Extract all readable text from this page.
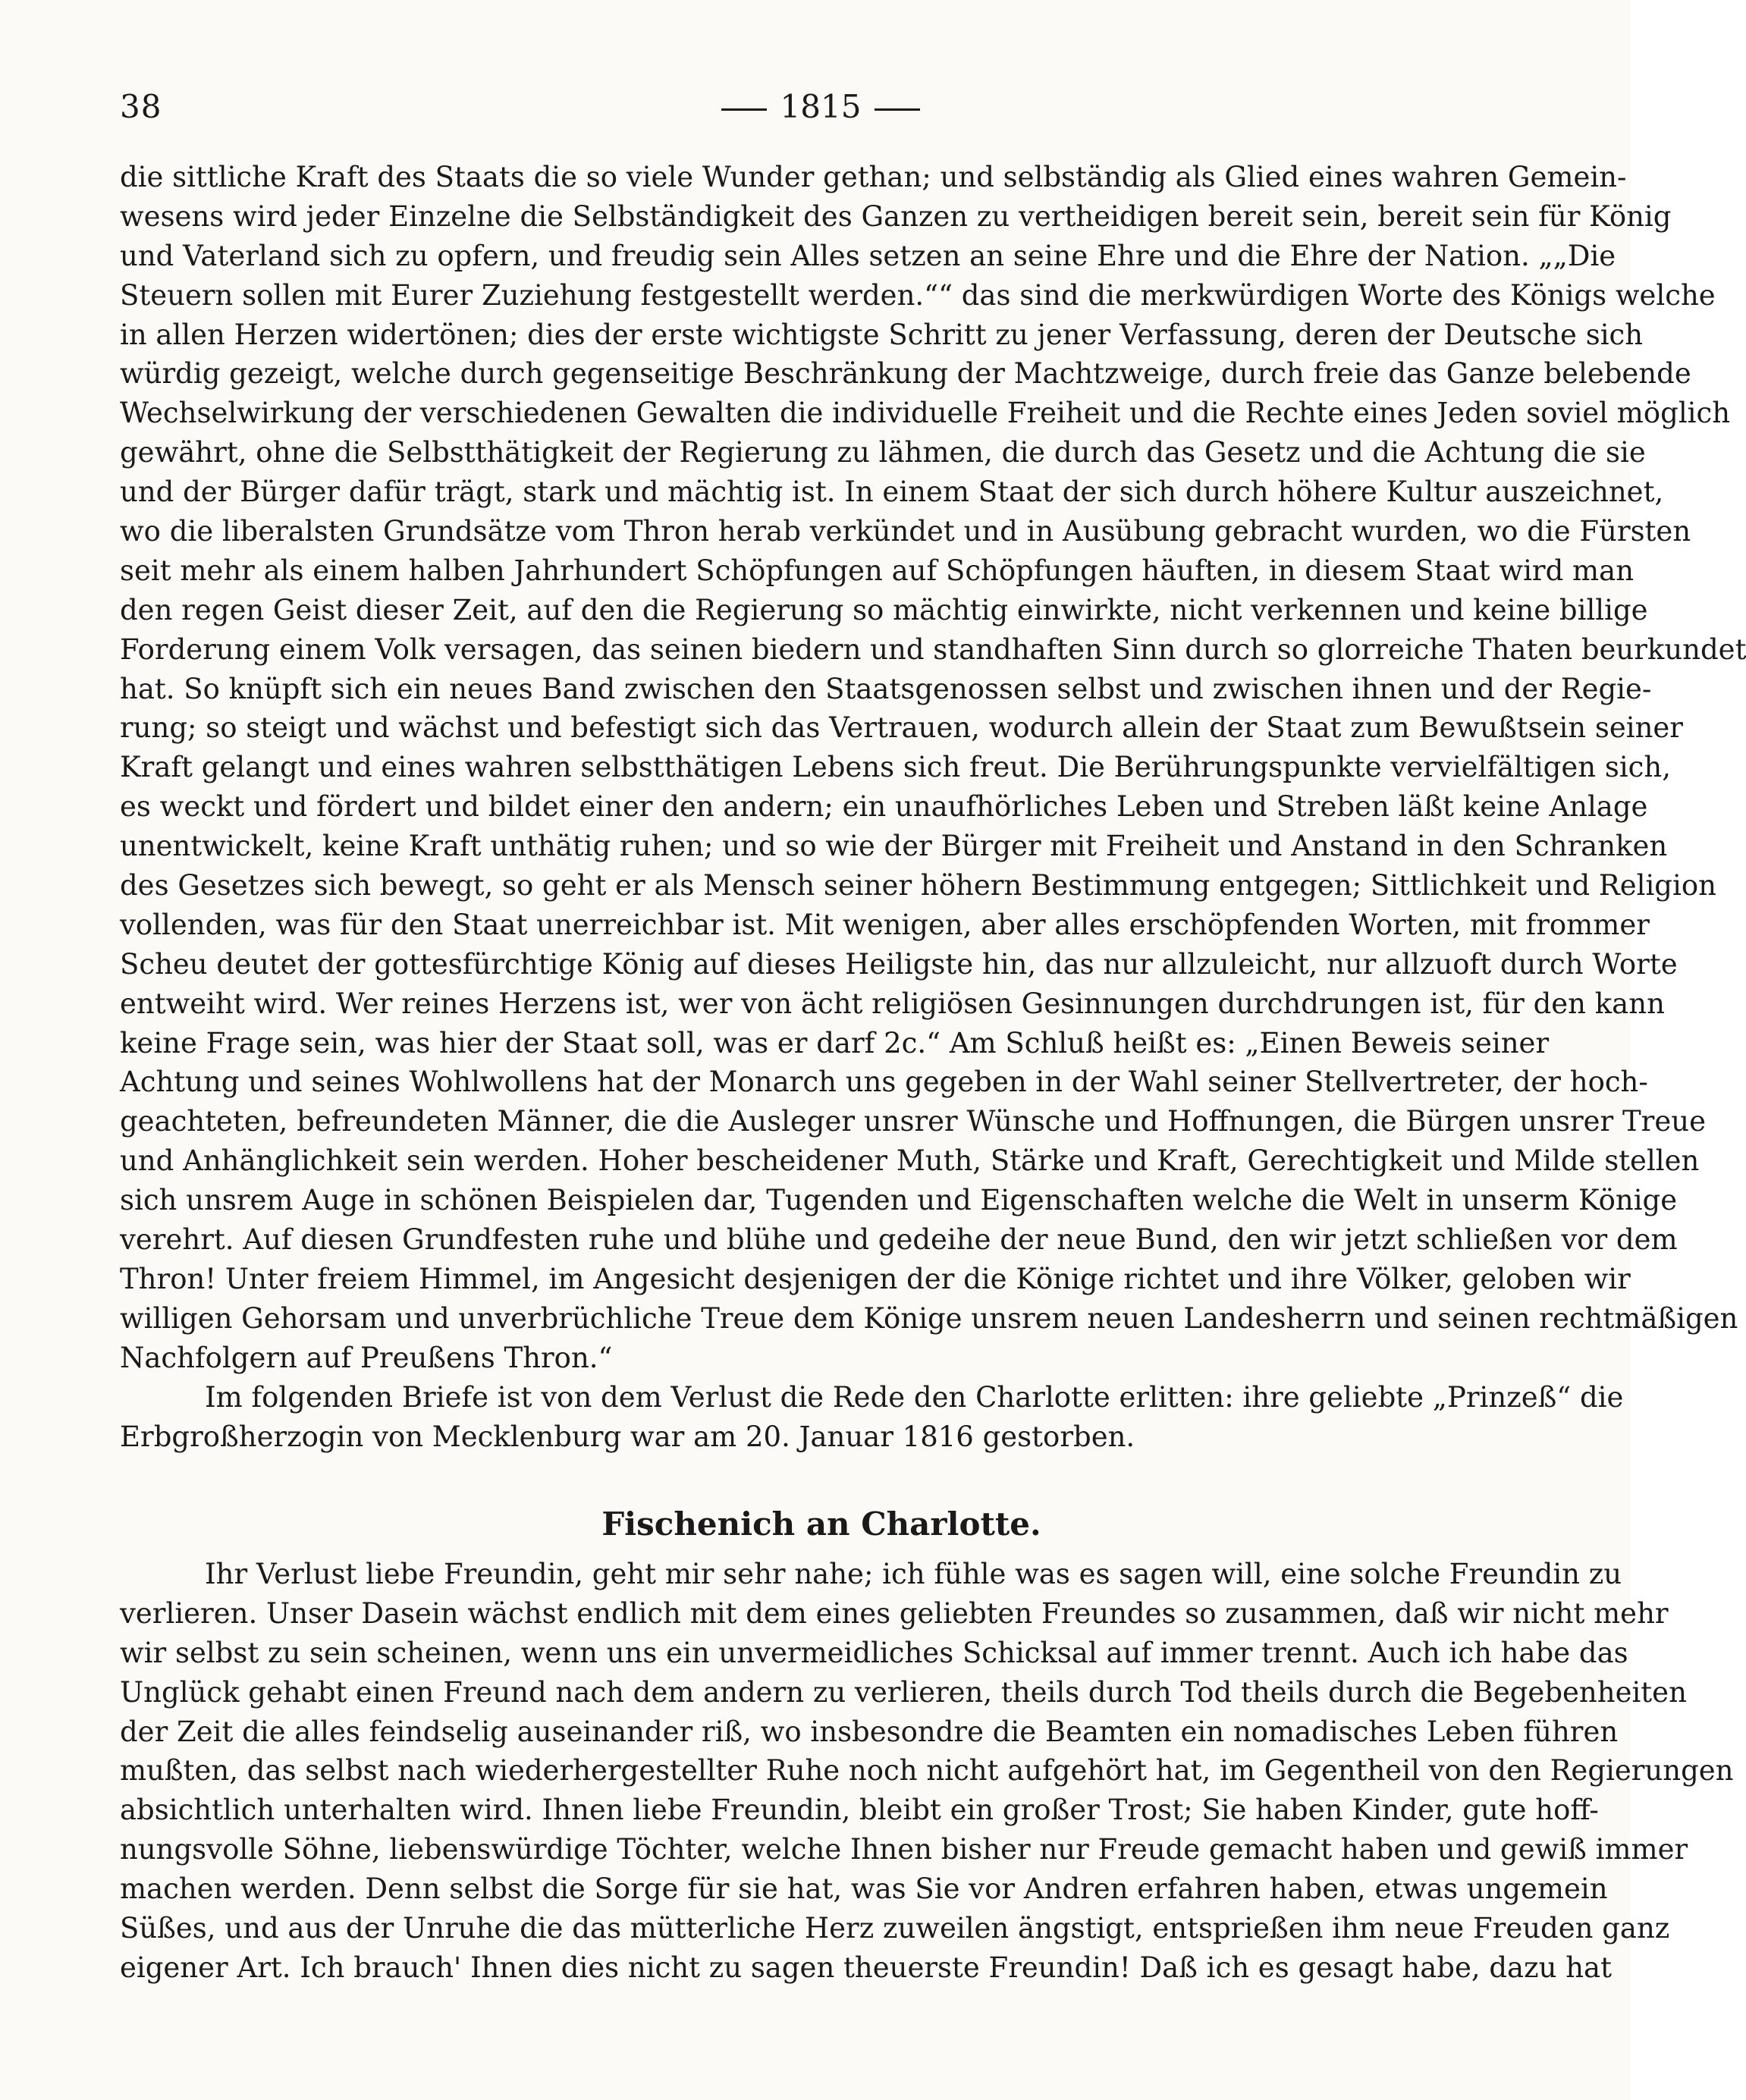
38	1815
die sittliche Kraft des Staats die so viele Wunder gethan; und selbständig als Glied eines wahren Gemein-
wesens wird jeder Einzelne die Selbständigkeit des Ganzen zu vertheidigen bereit sein, bereit sein für König
und Vaterland sich zu opfern, und freudig sein Alles setzen an seine Ehre und die Ehre der Nation. „„Die
Steuern sollen mit Eurer Zuziehung festgestellt werden.““ das sind die merkwürdigen Worte des Königs welche
in allen Herzen widertönen; dies der erste wichtigste Schritt zu jener Verfassung, deren der Deutsche sich
würdig gezeigt, welche durch gegenseitige Beschränkung der Machtzweige, durch freie das Ganze belebende
Wechselwirkung der verschiedenen Gewalten die individuelle Freiheit und die Rechte eines Jeden soviel möglich
gewährt, ohne die Selbstthätigkeit der Regierung zu lähmen, die durch das Gesetz und die Achtung die sie
und der Bürger dafür trägt, stark und mächtig ist. In einem Staat der sich durch höhere Kultur auszeichnet,
wo die liberalsten Grundsätze vom Thron herab verkündet und in Ausübung gebracht wurden, wo die Fürsten
seit mehr als einem halben Jahrhundert Schöpfungen auf Schöpfungen häuften, in diesem Staat wird man
den regen Geist dieser Zeit, auf den die Regierung so mächtig einwirkte, nicht verkennen und keine billige
Forderung einem Volk versagen, das seinen biedern und standhaften Sinn durch so glorreiche Thaten beurkundet
hat. So knüpft sich ein neues Band zwischen den Staatsgenossen selbst und zwischen ihnen und der Regie-
rung; so steigt und wächst und befestigt sich das Vertrauen, wodurch allein der Staat zum Bewußtsein seiner
Kraft gelangt und eines wahren selbstthätigen Lebens sich freut. Die Berührungspunkte vervielfältigen sich,
es weckt und fördert und bildet einer den andern; ein unaufhörliches Leben und Streben läßt keine Anlage
unentwickelt, keine Kraft unthätig ruhen; und so wie der Bürger mit Freiheit und Anstand in den Schranken
des Gesetzes sich bewegt, so geht er als Mensch seiner höhern Bestimmung entgegen; Sittlichkeit und Religion
vollenden, was für den Staat unerreichbar ist. Mit wenigen, aber alles erschöpfenden Worten, mit frommer
Scheu deutet der gottesfürchtige König auf dieses Heiligste hin, das nur allzuleicht, nur allzuoft durch Worte
entweiht wird. Wer reines Herzens ist, wer von ächt religiösen Gesinnungen durchdrungen ist, für den kann
keine Frage sein, was hier der Staat soll, was er darf 2c.“ Am Schluß heißt es: „Einen Beweis seiner
Achtung und seines Wohlwollens hat der Monarch uns gegeben in der Wahl seiner Stellvertreter, der hoch-
geachteten, befreundeten Männer, die die Ausleger unsrer Wünsche und Hoffnungen, die Bürgen unsrer Treue
und Anhänglichkeit sein werden. Hoher bescheidener Muth, Stärke und Kraft, Gerechtigkeit und Milde stellen
sich unsrem Auge in schönen Beispielen dar, Tugenden und Eigenschaften welche die Welt in unserm Könige
verehrt. Auf diesen Grundfesten ruhe und blühe und gedeihe der neue Bund, den wir jetzt schließen vor dem
Thron! Unter freiem Himmel, im Angesicht desjenigen der die Könige richtet und ihre Völker, geloben wir
willigen Gehorsam und unverbrüchliche Treue dem Könige unsrem neuen Landesherrn und seinen rechtmäßigen
Nachfolgern auf Preußens Thron.“
Im folgenden Briefe ist von dem Verlust die Rede den Charlotte erlitten: ihre geliebte „Prinzeß“ die
Erbgroßherzogin von Mecklenburg war am 20. Januar 1816 gestorben.
Fischenich an Charlotte.
Ihr Verlust liebe Freundin, geht mir sehr nahe; ich fühle was es sagen will, eine solche Freundin zu
verlieren. Unser Dasein wächst endlich mit dem eines geliebten Freundes so zusammen, daß wir nicht mehr
wir selbst zu sein scheinen, wenn uns ein unvermeidliches Schicksal auf immer trennt. Auch ich habe das
Unglück gehabt einen Freund nach dem andern zu verlieren, theils durch Tod theils durch die Begebenheiten
der Zeit die alles feindselig auseinander riß, wo insbesondre die Beamten ein nomadisches Leben führen
mußten, das selbst nach wiederhergestellter Ruhe noch nicht aufgehört hat, im Gegentheil von den Regierungen
absichtlich unterhalten wird. Ihnen liebe Freundin, bleibt ein großer Trost; Sie haben Kinder, gute hoff-
nungsvolle Söhne, liebenswürdige Töchter, welche Ihnen bisher nur Freude gemacht haben und gewiß immer
machen werden. Denn selbst die Sorge für sie hat, was Sie vor Andren erfahren haben, etwas ungemein
Süßes, und aus der Unruhe die das mütterliche Herz zuweilen ängstigt, entsprießen ihm neue Freuden ganz
eigener Art. Ich brauch' Ihnen dies nicht zu sagen theuerste Freundin! Daß ich es gesagt habe, dazu hat
